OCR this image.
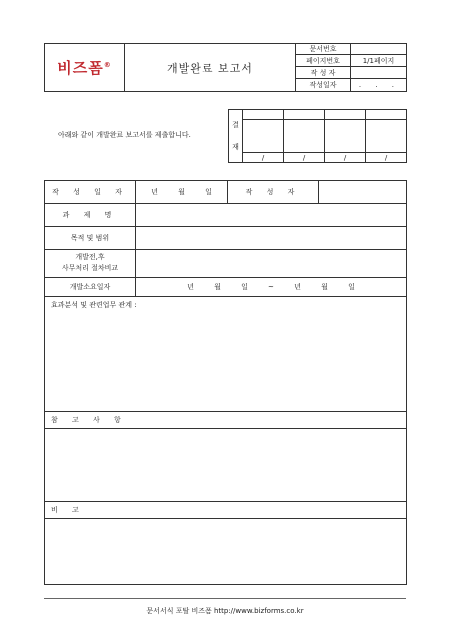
비즈폼®	개발완료 보고서	문서번호	
		페이지번호	1/1페이지
		작 성 자	
		작성일자	. . .
아래와 같이 개발완료 보고서를 제출합니다.
결
재				

	/	/	/	/
작 성 일 자	년 월 일	작 성 자	
과 제 명			
목적 및 범위			
개발전,후
사무처리 절차비교			
개발소요일자	년 월 일 ~ 년 월 일		
효과분석 및 관련업무 관계 :			

참 고 사 항			

비 고			

문서서식 포탈 비즈폼 http://www.bizforms.co.kr
